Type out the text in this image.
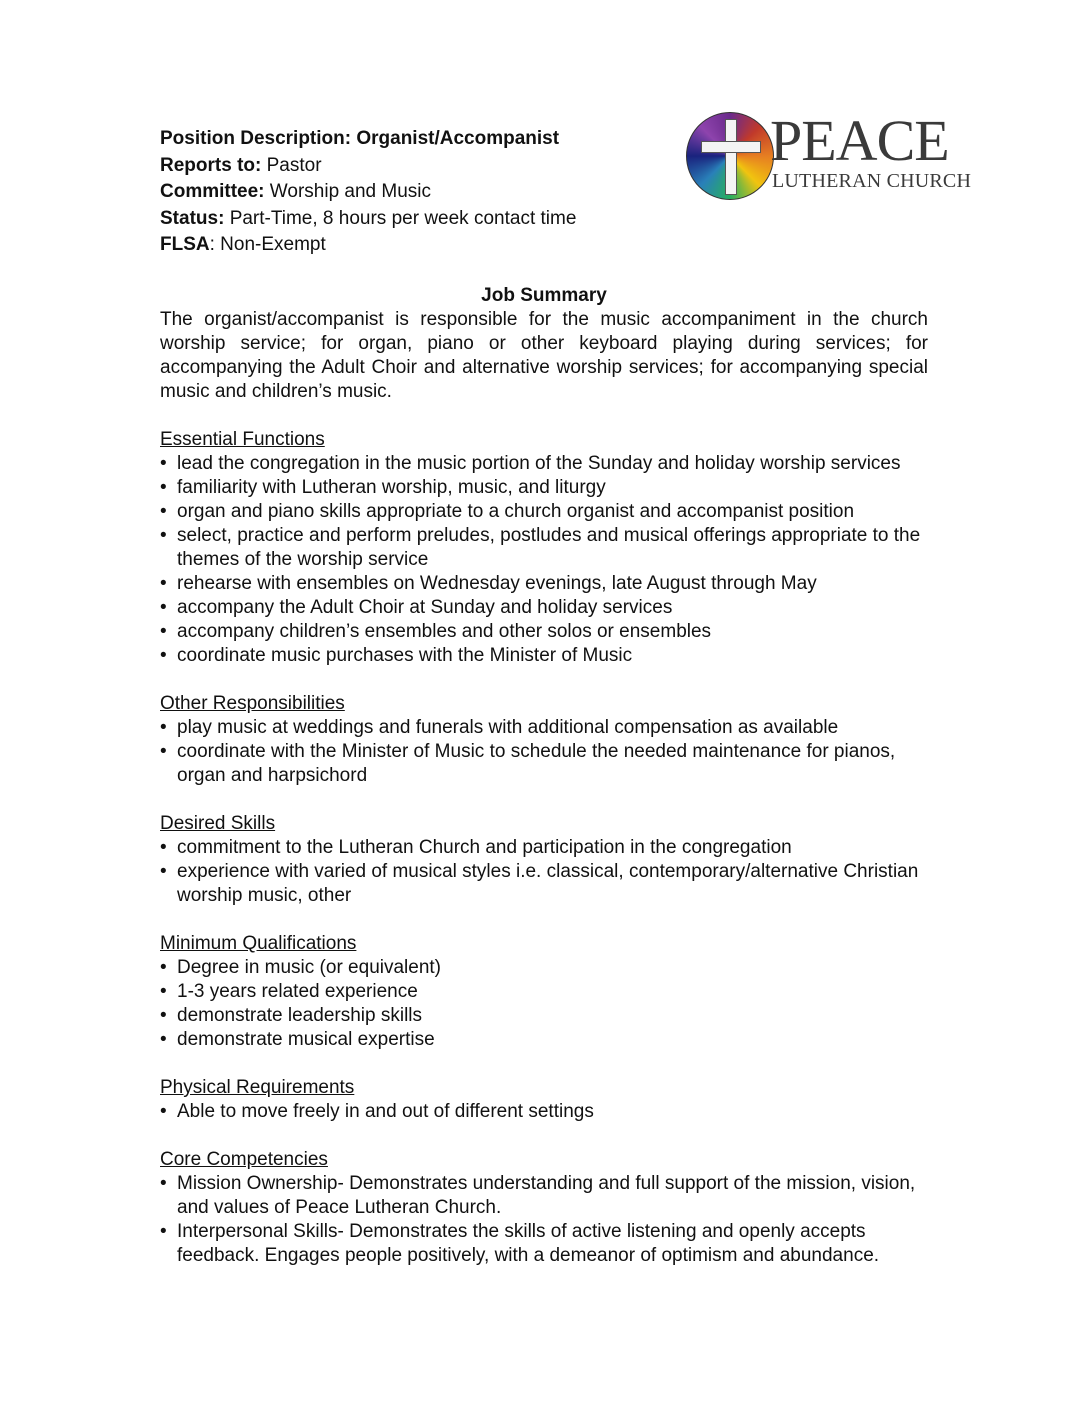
Position Description: Organist/Accompanist
Reports to: Pastor
Committee: Worship and Music
Status: Part-Time, 8 hours per week contact time
FLSA: Non-Exempt
PEACE
LUTHERAN CHURCH
Job Summary
The organist/accompanist is responsible for the music accompaniment in the church worship service; for organ, piano or other keyboard playing during services; for accompanying the Adult Choir and alternative worship services; for accompanying special music and children’s music.
Essential Functions
• lead the congregation in the music portion of the Sunday and holiday worship services
• familiarity with Lutheran worship, music, and liturgy
• organ and piano skills appropriate to a church organist and accompanist position
• select, practice and perform preludes, postludes and musical offerings appropriate to the themes of the worship service
• rehearse with ensembles on Wednesday evenings, late August through May
• accompany the Adult Choir at Sunday and holiday services
• accompany children’s ensembles and other solos or ensembles
• coordinate music purchases with the Minister of Music
Other Responsibilities
• play music at weddings and funerals with additional compensation as available
• coordinate with the Minister of Music to schedule the needed maintenance for pianos, organ and harpsichord
Desired Skills
• commitment to the Lutheran Church and participation in the congregation
• experience with varied of musical styles i.e. classical, contemporary/alternative Christian worship music, other
Minimum Qualifications
• Degree in music (or equivalent)
• 1-3 years related experience
• demonstrate leadership skills
• demonstrate musical expertise
Physical Requirements
• Able to move freely in and out of different settings
Core Competencies
• Mission Ownership- Demonstrates understanding and full support of the mission, vision, and values of Peace Lutheran Church.
• Interpersonal Skills- Demonstrates the skills of active listening and openly accepts feedback. Engages people positively, with a demeanor of optimism and abundance.
